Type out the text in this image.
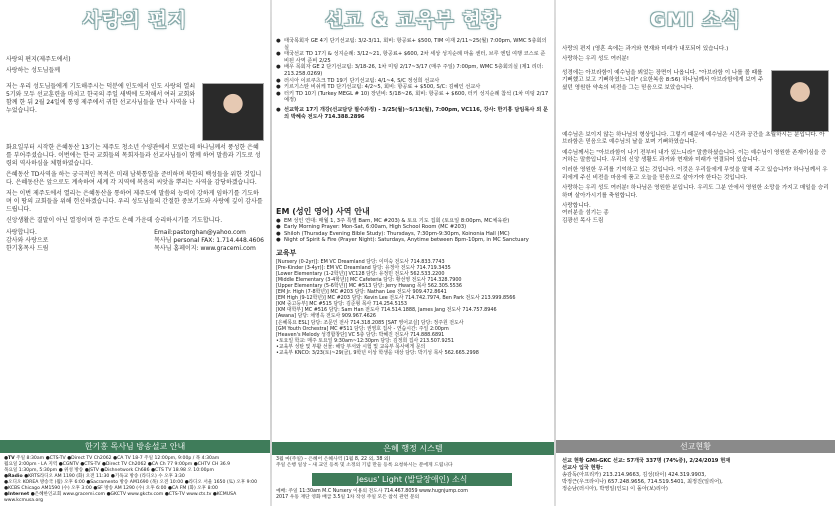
사랑의 편지
사랑의 편지(제주도에서)
사랑하는 성도님들께
저는 우리 성도님들에게 기도해주시는 덕분에 인도에서 인도 사랑의 열쇠 5기와 모두 선교훈련을 마치고 한국의 주일 새벽에 도착해서 여러 교회와 함께 한 뒤 2월 24일에 통영 제주에서 귀한 선교사님들을 만나 사역을 나누었습니다.
화요일부터 시작한 은혜동산 13기는 제주도 청소년 수양관에서 모였는데 하나님께서 풍성한 은혜를 부어주셨습니다. 이번에는 한국 교회들의 목회자들과 선교사님들이 함께 하여 말씀과 기도로 성령의 역사하심을 체험하였습니다.
은혜동산 TD사역을 하는 궁극적인 목적은 미래 남북통일을 준비하며 북한의 백성들을 위한 것입니다. 은혜동산은 앞으로도 계속하여 세계 각 지역에 복음의 씨앗을 뿌리는 사역을 감당하겠습니다.
저는 이번 제주도에서 열리는 은혜동산을 통하여 제주도에 말씀의 능력이 강하게 임하기를 기도하며 이 땅의 교회들을 위해 헌신하겠습니다. 우리 성도님들의 간절한 중보기도와 사랑에 깊이 감사를 드립니다.
신앙생활은 결말이 아닌 열정이며 한 주간도 은혜 가운데 승리하시기를 기도합니다.
사랑합니다.
감사와 사랑으로
한기홍목사 드림
Email:pastorghan@yahoo.com
목사님 personal FAX: 1.714.448.4606
목사님 홈페이지: www.gracemi.com
한기홍 목사님 방송설교 안내
●TV 주일 8:30am ●CTS-TV ●Direct TV Ch2062 ●CA TV 18-7 주일 12:00pm, 9:00p / 목 4:30am
월요일 2:00pm - LA 지역 ●CGNTV ●CTS-TV ●Direct TV Ch2062 ●CA Ch 77 9:00pm ●CHTV CH 36.9
목요일 1:30pm, 5:30pm ● 위성 방송 ●JSTV ●Dishnetwork Ch686 ●CTS TV 18.98 오 10:00pm
●Radio ●KRTS라디오 AM 1190 (화) 오전 11:30 ●기독교 방송 (라디오) 수 오후 3:30
●오디오 KOREA 방송국 (월) 오후 6:00 ●Sacramento 방송 AM1690 (목) 오전 10:00 ●라디오 서울 1650 (토) 오후 9:00
●KCBS Chicago AM1590 (수) 오후 3:00 ●SF 방송 AM 1290 (수) 오후 6:00 ●CA FM (화) 오후 8:00
●Internet ●은혜한인교회 www.gracemi.com ●GKCTV www.gkctv.com ●CTS-TV www.cts.tv ●KCMUSA www.kcmusa.org
선교 & 교육부 현황
● 태국목회자 GE 4기 단기선교팀: 3/2-3/11, 회비: 항공료+ $500, TIM 이재 2/11~25(월) 7:00pm, WMC 5층회의실
● 태국선교 TD 17기 & 성지순례: 3/12~21, 항공료+ $600, 2차 세상 성지순례 마을 센터, 브루 엔텀 여행 코스로 준비된 사역 준비 2/25
● 배우 목회자 GE 2 단기선교팀: 3/18-26, 1차 미팅 2/17~3/17 (매주 주일) 7:00pm, WMC 5층회의실 (제1 리더: 213.258.0269)
● 러시아 이르쿠츠크 TD 19기 단기선교팀: 4/1~4, S/C 정성희 선교사
● 키르기스탄 비쉬케 TD 단기선교팀: 4/2~5, 회비: 항공료 + $500, S/C: 김혜인 선교사
● 터키 TD 10기 (Turkey MEGL # 10) 장년비: 5/18~26, 회비: 항공료 + $600, 터키 성지순례 참석 (1차 미팅 2/17 예정)
● 선교학교 17기 개강(선교담당 필수과정) - 3/25(월)~5/13(월), 7:00pm, VC116, 강사: 한기홍 담임목사 외 문의 박혜숙 전도사 714.388.2896
EM (성인 영어) 사역 안내
● EM 성인 연대: 매월 1, 3주 특별 Barn, MC #203) & 토요 기도 집회 (토요일 8:00pm, MC체육관)
● Early Morning Prayer: Mon-Sat, 6:00am, High School Room (MC #203)
● Shiloh (Thursday Evening Bible Study): Thursdays, 7:30pm-9:30pm, Koinonia Hall (MC)
● Night of Spirit & Fire (Prayer Night): Saturdays, Anytime between 8pm-10pm, in MC Sanctuary
교육부
[Nursery (0-2yr)]: EM VC Dreamland 담당: 이미숙 전도사 714.833.7743
[Pre-Kinder (3-4yr)]: EM VC Dreamland 담당: 유정아 전도사 714.719.3435
[Lower Elementary (1-2학년)] VC128 담당: 유정민 전도사 562.533.2200
[Middle Elementary (3-4학년)] MC Cafeteria 담당: 황선영 전도사 714.328.7900
[Upper Elementary (5-6학년)] MC #513 담당: Jerry Hwang 목사 562.305.5536
[EM Jr. High (7-8학년)] MC #203 담당: Nathan Lee 전도사 909.472.8641
[EM High (9-12학년)] MC #203 담당: Kevin Lee 전도사 714.742.7974, Ben Park 전도사 213.999.8566
[KM 중고등부] MC #515 담당: 김준형 목사 714.254.5153
[KM 대학부] MC #516 담당: Sam Han 전도사 714.514.1888, James Jang 전도사 714.757.8946
[Awana] 담당: 채영옥 전도사 909.967.4626
[은혜목요 ESL] 담당: 조문인 전사 714.318.2085 [SAT 영어교실] 담당: 정주원 전도사
[GM Youth Orchestra] MC #511 담당: 권영호 집사 - 연습시간: 주일 2:00pm
[Heaven's Melody 성경합창단] VC 5층 담당: 박혜진 전도사 714.888.6891
•토요일 학교: 매주 토요일 9:30am~12:30pm 담당: 김정희 집사 213.507.9251
•교육부 성탄 및 부활 선물: 해당 부서와 시험 및 교육부 목사에게 문의
•교육부 KNCO: 3/23(토)~29(금), 9학년 이상 학생을 대상 담당: 박기성 목사 562.665.2998
은혜 행정 시스템
3월 마(주일) – 은혜어 은혜사역 (1월 8, 22 외, 38 외)
주일 은행 일상 – 새 교인 등록 및 소정의 기념 만들 등록 요청하시는 분에게 드립니다
Jesus' Light (발달장애인) 소식
예배: 주일 11:30am M.C Nursery 이용의 전도사 714.467.8059 www.hugnjump.com
2017 우동 재단 영화 배급 3.5일 1차 작성 주일 모든 참석 관련 문의
GMI 소식
사랑의 편지 (영혼 속에는 과거와 현재와 미래가 내포되어 있습니다.)
사랑하는 우리 성도 여러분!
성경에는 아브라함이 예수님을 뵈었는 장면이 나옵니다. "아브라함 이 나를 볼 때를 기뻐했고 보고 기뻐하였느니라" (요한복음 8:56) 하나님께서 아브라함에게 보여 주셨던 영원한 약속의 비전을 그는 믿음으로 보았습니다.
예수님은 보이지 않는 하나님의 형상입니다. 그렇기 때문에 예수님은 시간과 공간을 초월하시는 분입니다. 아브라함은 믿음으로 예수님의 날을 보며 기뻐하였습니다.
예수님께서는 "아브라함이 나기 전부터 내가 있느니라" 말씀하셨습니다. 이는 예수님이 영원한 존재이심을 증거하는 말씀입니다. 우리의 신앙 생활도 과거와 현재와 미래가 연결되어 있습니다.
이러한 영원한 우리를 기억하고 있는 것입니다. 이것은 우리들에게 무엇을 말해 주고 있습니까? 하나님께서 우리에게 주신 비전을 마음에 품고 오늘을 믿음으로 살아가야 한다는 것입니다.
사랑하는 우리 성도 여러분! 하나님은 영원한 분입니다. 우리도 그분 안에서 영원한 소망을 가지고 매일을 승리하며 살아가시기를 축원합니다.
사랑합니다.
여러분을 섬기는 종
김광선 목사 드림
선교현황
선교 현황 GMI-GKC 선교: 57개국 337명 (74%증), 2/24/2019 현재
선교사 입국 현황:
송감독(아프리카) 213.214.9663, 김성(타이) 424.319.9903,
박정근(우크라이나) 657.248.9656, 714.519.5401, 최정진(일리어),
정순남(러시아), 박영일(인도) 이 돌아(보)리아)
